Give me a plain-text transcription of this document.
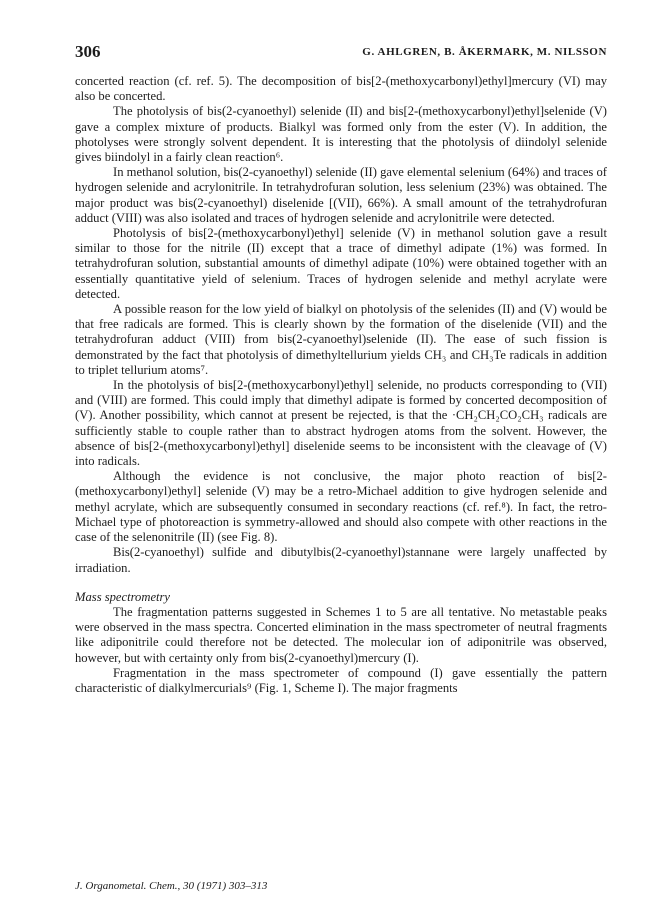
306	G. AHLGREN, B. ÅKERMARK, M. NILSSON

concerted reaction (cf. ref. 5). The decomposition of bis[2-(methoxycarbonyl)ethyl]mercury (VI) may also be concerted.

The photolysis of bis(2-cyanoethyl) selenide (II) and bis[2-(methoxycarbonyl)ethyl]selenide (V) gave a complex mixture of products. Bialkyl was formed only from the ester (V). In addition, the photolyses were strongly solvent dependent. It is interesting that the photolysis of diindolyl selenide gives biindolyl in a fairly clean reaction⁶.

In methanol solution, bis(2-cyanoethyl) selenide (II) gave elemental selenium (64%) and traces of hydrogen selenide and acrylonitrile. In tetrahydrofuran solution, less selenium (23%) was obtained. The major product was bis(2-cyanoethyl) diselenide [(VII), 66%). A small amount of the tetrahydrofuran adduct (VIII) was also isolated and traces of hydrogen selenide and acrylonitrile were detected.

Photolysis of bis[2-(methoxycarbonyl)ethyl] selenide (V) in methanol solution gave a result similar to those for the nitrile (II) except that a trace of dimethyl adipate (1%) was formed. In tetrahydrofuran solution, substantial amounts of dimethyl adipate (10%) were obtained together with an essentially quantitative yield of selenium. Traces of hydrogen selenide and methyl acrylate were detected.

A possible reason for the low yield of bialkyl on photolysis of the selenides (II) and (V) would be that free radicals are formed. This is clearly shown by the formation of the diselenide (VII) and the tetrahydrofuran adduct (VIII) from bis(2-cyanoethyl)selenide (II). The ease of such fission is demonstrated by the fact that photolysis of dimethyltellurium yields CH₃ and CH₃Te radicals in addition to triplet tellurium atoms⁷.

In the photolysis of bis[2-(methoxycarbonyl)ethyl] selenide, no products corresponding to (VII) and (VIII) are formed. This could imply that dimethyl adipate is formed by concerted decomposition of (V). Another possibility, which cannot at present be rejected, is that the ·CH₂CH₂CO₂CH₃ radicals are sufficiently stable to couple rather than to abstract hydrogen atoms from the solvent. However, the absence of bis[2-(methoxycarbonyl)ethyl] diselenide seems to be inconsistent with the cleavage of (V) into radicals.

Although the evidence is not conclusive, the major photo reaction of bis[2-(methoxycarbonyl)ethyl] selenide (V) may be a retro-Michael addition to give hydrogen selenide and methyl acrylate, which are subsequently consumed in secondary reactions (cf. ref.⁸). In fact, the retro-Michael type of photoreaction is symmetry-allowed and should also compete with other reactions in the case of the selenonitrile (II) (see Fig. 8).

Bis(2-cyanoethyl) sulfide and dibutylbis(2-cyanoethyl)stannane were largely unaffected by irradiation.

Mass spectrometry

The fragmentation patterns suggested in Schemes 1 to 5 are all tentative. No metastable peaks were observed in the mass spectra. Concerted elimination in the mass spectrometer of neutral fragments like adiponitrile could therefore not be detected. The molecular ion of adiponitrile was observed, however, but with certainty only from bis(2-cyanoethyl)mercury (I).

Fragmentation in the mass spectrometer of compound (I) gave essentially the pattern characteristic of dialkylmercurials⁹ (Fig. 1, Scheme I). The major fragments

J. Organometal. Chem., 30 (1971) 303–313
